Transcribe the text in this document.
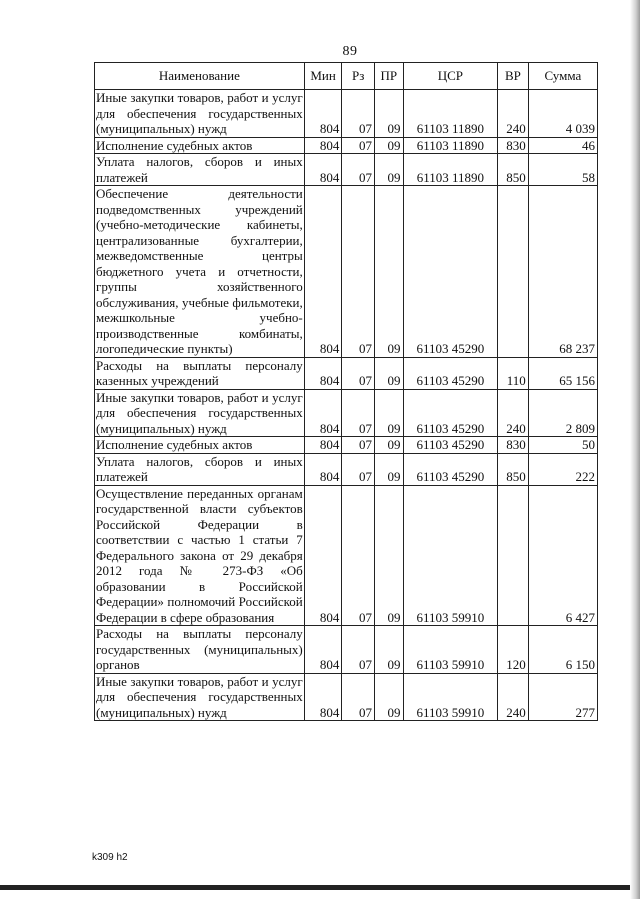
89
Наименование	Мин	Рз	ПР	ЦСР	ВР	Сумма
Иные закупки товаров, работ и услуг для обеспечения государственных (муниципальных) нужд	804	07	09	61103 11890	240	4 039
Исполнение судебных актов	804	07	09	61103 11890	830	46
Уплата налогов, сборов и иных платежей	804	07	09	61103 11890	850	58
Обеспечение деятельности подведомственных учреждений (учебно-методические кабинеты, централизованные бухгалтерии, межведомственные центры бюджетного учета и отчетности, группы хозяйственного обслуживания, учебные фильмотеки, межшкольные учебно-производственные комбинаты, логопедические пункты)	804	07	09	61103 45290		68 237
Расходы на выплаты персоналу казенных учреждений	804	07	09	61103 45290	110	65 156
Иные закупки товаров, работ и услуг для обеспечения государственных (муниципальных) нужд	804	07	09	61103 45290	240	2 809
Исполнение судебных актов	804	07	09	61103 45290	830	50
Уплата налогов, сборов и иных платежей	804	07	09	61103 45290	850	222
Осуществление переданных органам государственной власти субъектов Российской Федерации в соответствии с частью 1 статьи 7 Федерального закона от 29 декабря 2012 года № 273-ФЗ «Об образовании в Российской Федерации» полномочий Российской Федерации в сфере образования	804	07	09	61103 59910		6 427
Расходы на выплаты персоналу государственных (муниципальных) органов	804	07	09	61103 59910	120	6 150
Иные закупки товаров, работ и услуг для обеспечения государственных (муниципальных) нужд	804	07	09	61103 59910	240	277
k309 h2
